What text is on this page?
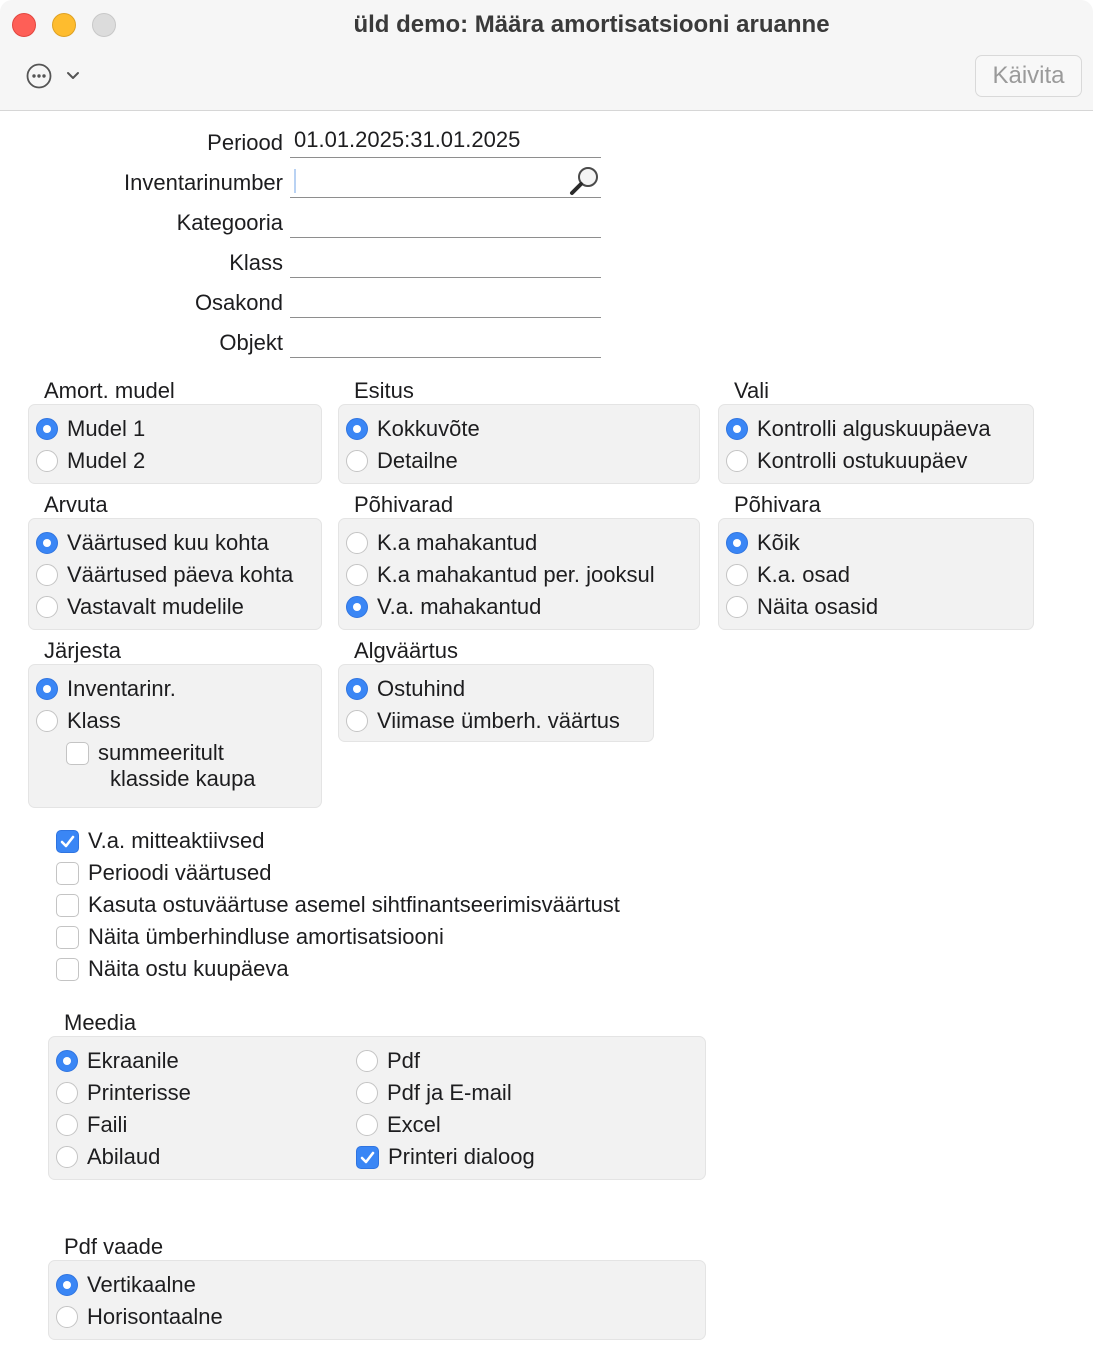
üld demo: Määra amortisatsiooni aruanne
Käivita
Periood 01.01.2025:31.01.2025
Inventarinumber
Kategooria
Klass
Osakond
Objekt
Amort. mudel
Mudel 1
Mudel 2
Esitus
Kokkuvõte
Detailne
Vali
Kontrolli alguskuupäeva
Kontrolli ostukuupäev
Arvuta
Väärtused kuu kohta
Väärtused päeva kohta
Vastavalt mudelile
Põhivarad
K.a mahakantud
K.a mahakantud per. jooksul
V.a. mahakantud
Põhivara
Kõik
K.a. osad
Näita osasid
Järjesta
Inventarinr.
Klass
summeeritult
klasside kaupa
Algväärtus
Ostuhind
Viimase ümberh. väärtus
V.a. mitteaktiivsed
Perioodi väärtused
Kasuta ostuväärtuse asemel sihtfinantseerimisväärtust
Näita ümberhindluse amortisatsiooni
Näita ostu kuupäeva
Meedia
Ekraanile
Printerisse
Faili
Abilaud
Pdf
Pdf ja E-mail
Excel
Printeri dialoog
Pdf vaade
Vertikaalne
Horisontaalne
